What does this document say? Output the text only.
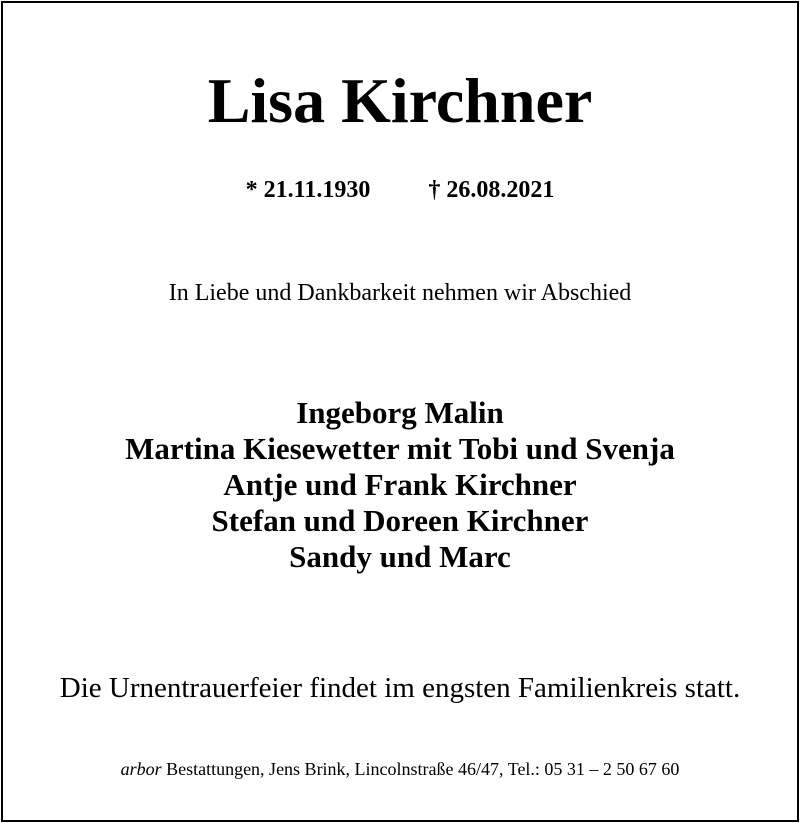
Lisa Kirchner
* 21.11.1930 † 26.08.2021
In Liebe und Dankbarkeit nehmen wir Abschied
Ingeborg Malin
Martina Kiesewetter mit Tobi und Svenja
Antje und Frank Kirchner
Stefan und Doreen Kirchner
Sandy und Marc
Die Urnentrauerfeier findet im engsten Familienkreis statt.
arbor Bestattungen, Jens Brink, Lincolnstraße 46/47, Tel.: 05 31 – 2 50 67 60
